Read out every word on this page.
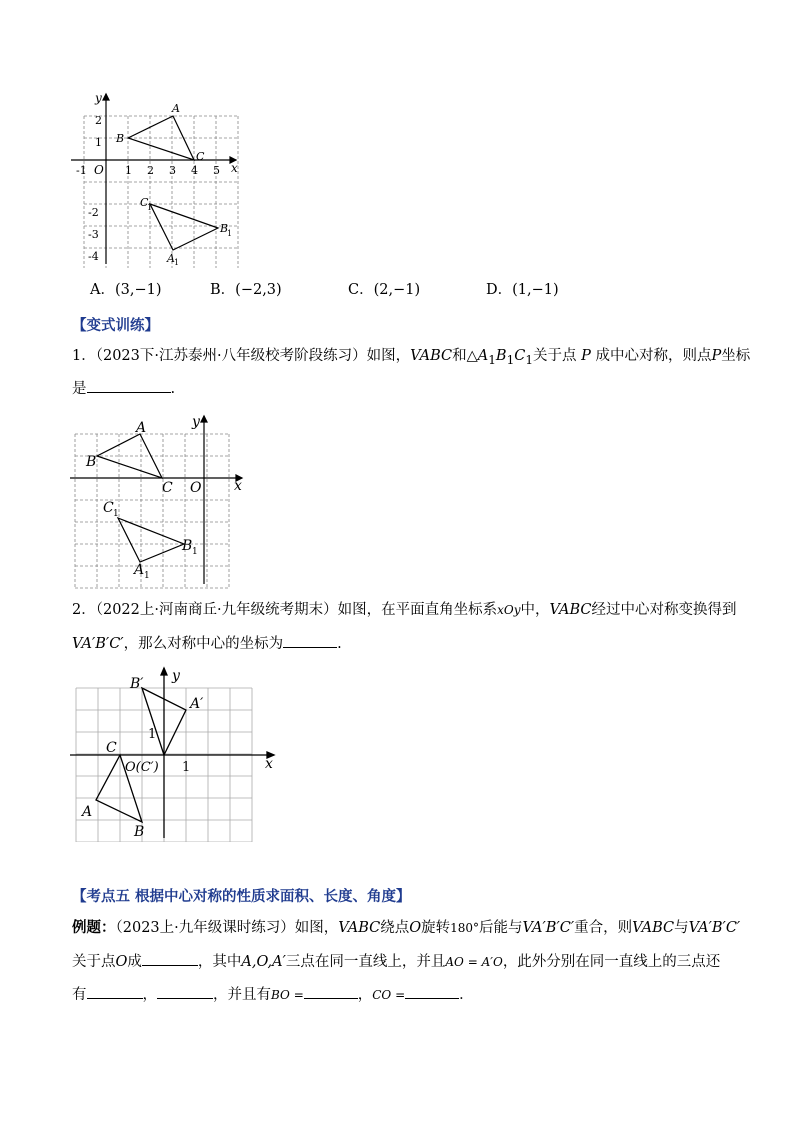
x
y
O
-1	1 2 3 4 5
2
1
-2
-3
-4
A
B
C
C
1
B
1
A 1
A．(3,−1)	B．(−2,3)	C．(2,−1)	D．(1,−1)
【变式训练】
1．（2023下·江苏泰州·八年级校考阶段练习）如图，VABC和$\triangle A_1B_1C_1$关于点 P 成中心对称，则点P坐标
是	.
x
y
O
A
B
C
C 1
B 1
A 1
2．（2022上·河南商丘·九年级统考期末）如图，在平面直角坐标系xOy中，VABC经过中心对称变换得到
VA′B′C′，那么对称中心的坐标为	.
x
y
B′
A′
1
C
O(C′) 1
A
B
【考点五 根据中心对称的性质求面积、长度、角度】
例题：（2023上·九年级课时练习）如图，VABC绕点O旋转180°后能与VA′B′C′重合，则VABC与VA′B′C′
关于点O成	，其中A,O,A′三点在同一直线上，并且AO = A′O，此外分别在同一直线上的三点还
有	，	，并且有BO =	，CO =	．
